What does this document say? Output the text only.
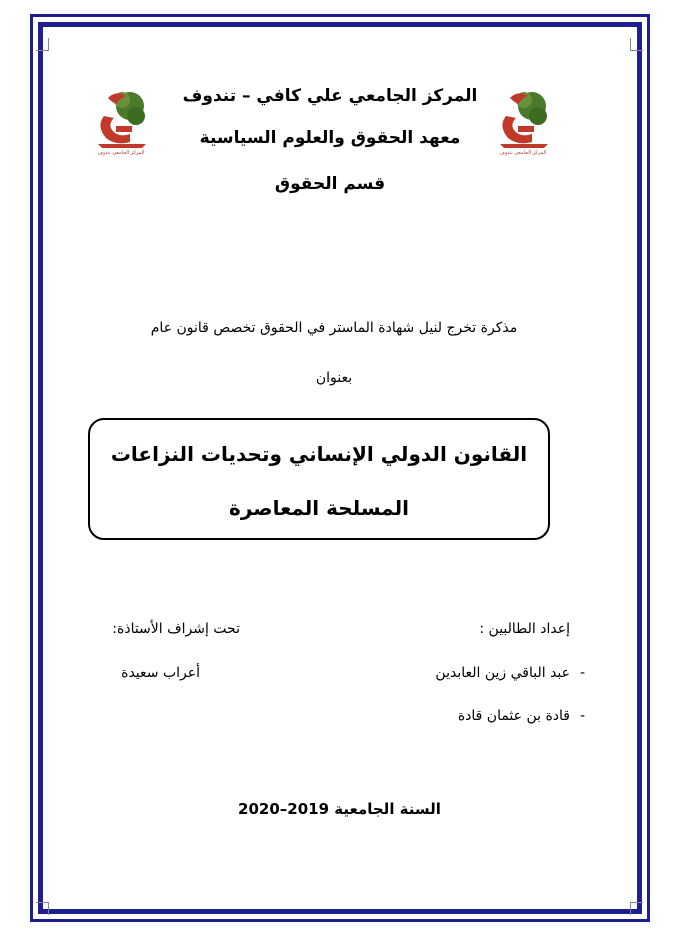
المركز الجامعي تندوف	المركز الجامعي تندوف
المركز الجامعي علي كافي – تندوف
معهد الحقوق والعلوم السياسية
قسم الحقوق
مذكرة تخرج لنيل شهادة الماستر في الحقوق تخصص قانون عام
بعنوان
القانون الدولي الإنساني وتحديات النزاعات
المسلحة المعاصرة
إعداد الطالبين :
تحت إشراف الأستاذة:
-
عبد الباقي زين العابدين
-
قادة بن عثمان قادة
أعراب سعيدة
السنة الجامعية 2019–2020
